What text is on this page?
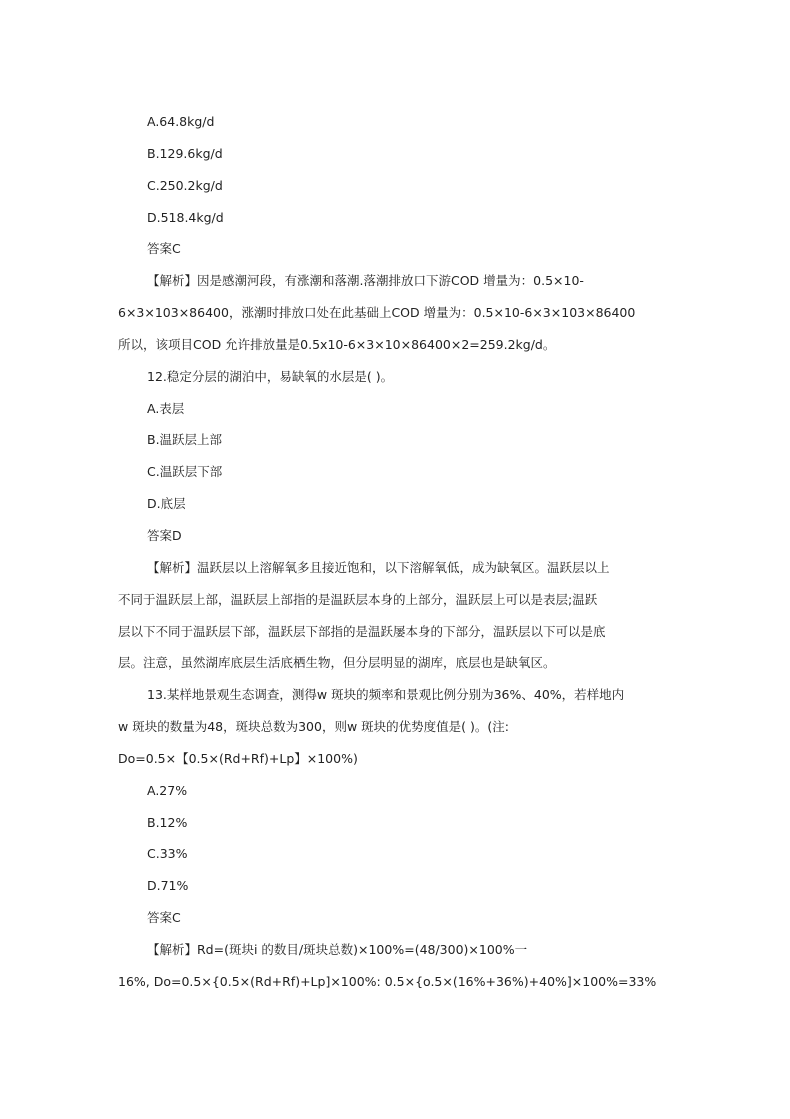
A.64.8kg/d
B.129.6kg/d
C.250.2kg/d
D.518.4kg/d
答案C
【解析】因是感潮河段，有涨潮和落潮.落潮排放口下游COD 增量为：0.5×10-
6×3×103×86400，涨潮时排放口处在此基础上COD 增量为：0.5×10-6×3×103×86400
所以，该项目COD 允许排放量是0.5x10-6×3×10×86400×2=259.2kg/d。
12.稳定分层的湖泊中，易缺氧的水层是( )。
A.表层
B.温跃层上部
C.温跃层下部
D.底层
答案D
【解析】温跃层以上溶解氧多且接近饱和，以下溶解氧低，成为缺氧区。温跃层以上
不同于温跃层上部，温跃层上部指的是温跃层本身的上部分，温跃层上可以是表层;温跃
层以下不同于温跃层下部，温跃层下部指的是温跃屡本身的下部分，温跃层以下可以是底
层。注意，虽然湖库底层生活底栖生物，但分层明显的湖库，底层也是缺氧区。
13.某样地景观生态调查，测得w 斑块的频率和景观比例分别为36%、40%，若样地内
w 斑块的数量为48，斑块总数为300，则w 斑块的优势度值是( )。(注:
Do=0.5×【0.5×(Rd+Rf)+Lp】×100%)
A.27%
B.12%
C.33%
D.71%
答案C
【解析】Rd=(斑块i 的数目/斑块总数)×100%=(48/300)×100%一
16%, Do=0.5×{0.5×(Rd+Rf)+Lp]×100%: 0.5×{o.5×(16%+36%)+40%]×100%=33%
